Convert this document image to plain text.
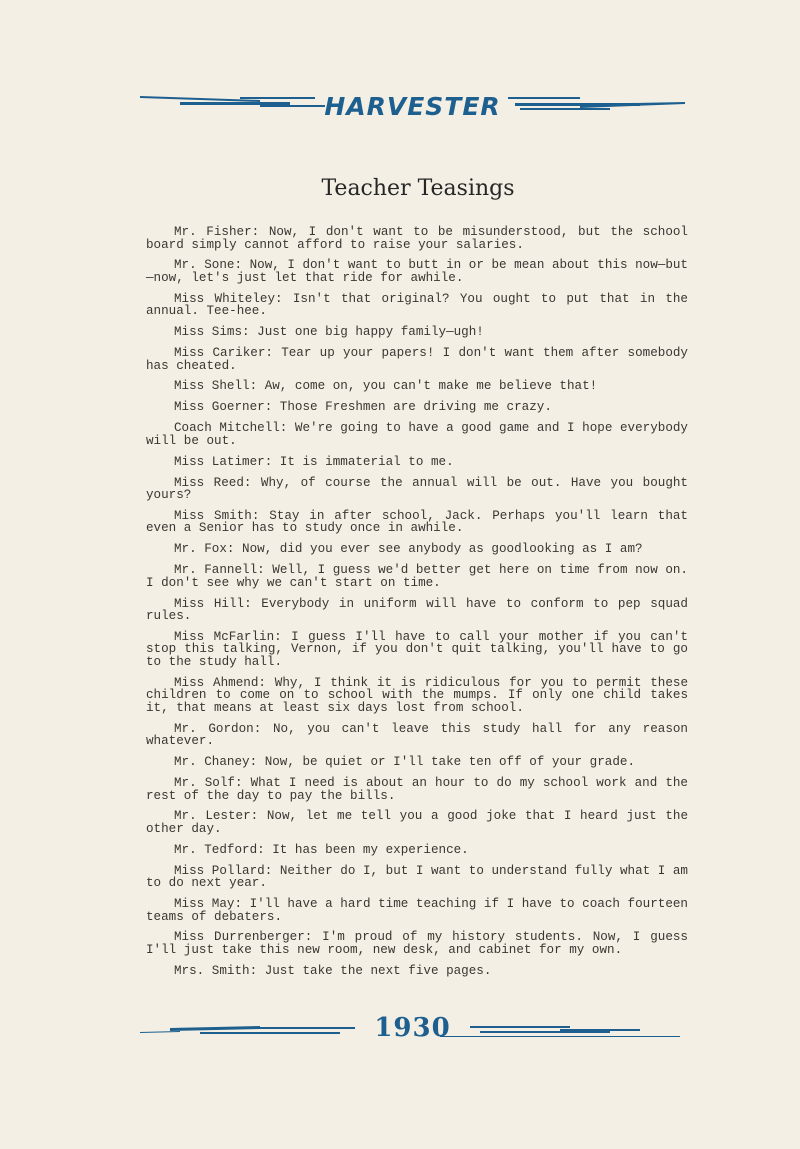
HARVESTER
Teacher Teasings

Mr. Fisher: Now, I don't want to be misunderstood, but the school board simply cannot afford to raise your salaries.

Mr. Sone: Now, I don't want to butt in or be mean about this now—but —now, let's just let that ride for awhile.

Miss Whiteley: Isn't that original? You ought to put that in the annual. Tee-hee.

Miss Sims: Just one big happy family—ugh!

Miss Cariker: Tear up your papers! I don't want them after somebody has cheated.

Miss Shell: Aw, come on, you can't make me believe that!

Miss Goerner: Those Freshmen are driving me crazy.

Coach Mitchell: We're going to have a good game and I hope everybody will be out.

Miss Latimer: It is immaterial to me.

Miss Reed: Why, of course the annual will be out. Have you bought yours?

Miss Smith: Stay in after school, Jack. Perhaps you'll learn that even a Senior has to study once in awhile.

Mr. Fox: Now, did you ever see anybody as goodlooking as I am?

Mr. Fannell: Well, I guess we'd better get here on time from now on. I don't see why we can't start on time.

Miss Hill: Everybody in uniform will have to conform to pep squad rules.

Miss McFarlin: I guess I'll have to call your mother if you can't stop this talking, Vernon, if you don't quit talking, you'll have to go to the study hall.

Miss Ahmend: Why, I think it is ridiculous for you to permit these children to come on to school with the mumps. If only one child takes it, that means at least six days lost from school.

Mr. Gordon: No, you can't leave this study hall for any reason whatever.

Mr. Chaney: Now, be quiet or I'll take ten off of your grade.

Mr. Solf: What I need is about an hour to do my school work and the rest of the day to pay the bills.

Mr. Lester: Now, let me tell you a good joke that I heard just the other day.

Mr. Tedford: It has been my experience.

Miss Pollard: Neither do I, but I want to understand fully what I am to do next year.

Miss May: I'll have a hard time teaching if I have to coach fourteen teams of debaters.

Miss Durrenberger: I'm proud of my history students. Now, I guess I'll just take this new room, new desk, and cabinet for my own.

Mrs. Smith: Just take the next five pages.

1930
